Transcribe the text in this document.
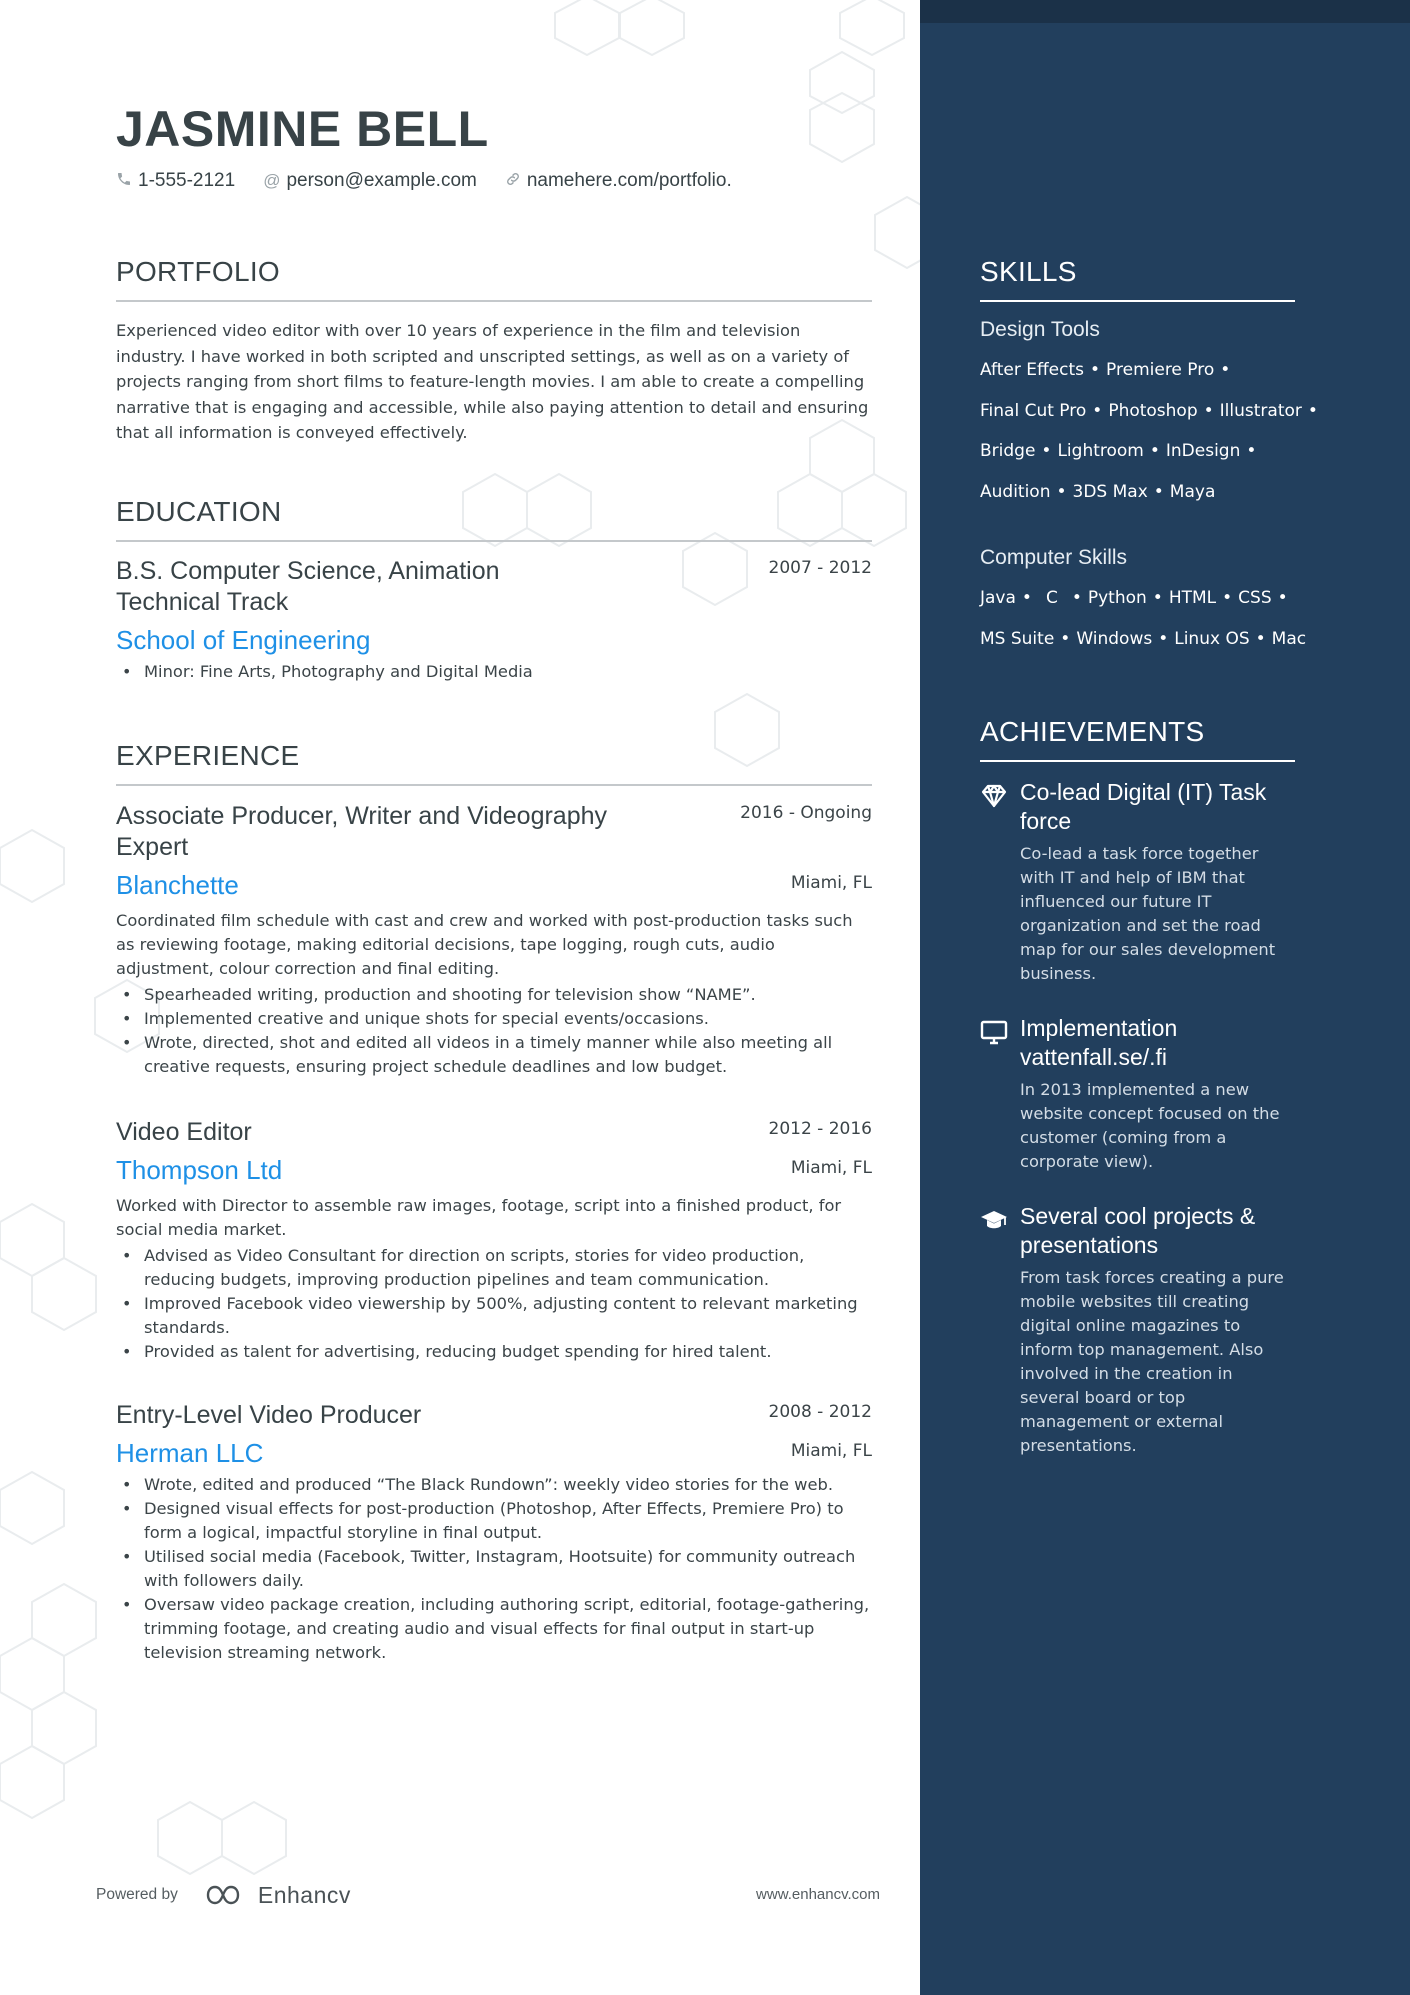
JASMINE BELL
1-555-2121 @ person@example.com	namehere.com/portfolio.
PORTFOLIO
Experienced video editor with over 10 years of experience in the film and television industry. I have worked in both scripted and unscripted settings, as well as on a variety of projects ranging from short films to feature-length movies. I am able to create a compelling narrative that is engaging and accessible, while also paying attention to detail and ensuring that all information is conveyed effectively.
EDUCATION
B.S. Computer Science, Animation Technical Track
2007 - 2012
School of Engineering
• Minor: Fine Arts, Photography and Digital Media
EXPERIENCE
Associate Producer, Writer and Videography Expert
2016 - Ongoing
Blanchette	Miami, FL
Coordinated film schedule with cast and crew and worked with post-production tasks such as reviewing footage, making editorial decisions, tape logging, rough cuts, audio adjustment, colour correction and final editing.
• Spearheaded writing, production and shooting for television show “NAME”.
• Implemented creative and unique shots for special events/occasions.
• Wrote, directed, shot and edited all videos in a timely manner while also meeting all creative requests, ensuring project schedule deadlines and low budget.
Video Editor	2012 - 2016
Thompson Ltd	Miami, FL
Worked with Director to assemble raw images, footage, script into a finished product, for social media market.
• Advised as Video Consultant for direction on scripts, stories for video production, reducing budgets, improving production pipelines and team communication.
• Improved Facebook video viewership by 500%, adjusting content to relevant marketing standards.
• Provided as talent for advertising, reducing budget spending for hired talent.
Entry-Level Video Producer	2008 - 2012
Herman LLC	Miami, FL
• Wrote, edited and produced “The Black Rundown”: weekly video stories for the web.
• Designed visual effects for post-production (Photoshop, After Effects, Premiere Pro) to form a logical, impactful storyline in final output.
• Utilised social media (Facebook, Twitter, Instagram, Hootsuite) for community outreach with followers daily.
• Oversaw video package creation, including authoring script, editorial, footage-gathering, trimming footage, and creating audio and visual effects for final output in start-up television streaming network.
Powered by	Enhancv	www.enhancv.com
SKILLS
Design Tools
After Effects • Premiere Pro •
Final Cut Pro • Photoshop • Illustrator •
Bridge • Lightroom • InDesign •
Audition • 3DS Max • Maya
Computer Skills
Java • C • Python • HTML • CSS •
MS Suite • Windows • Linux OS • Mac
ACHIEVEMENTS
Co-lead Digital (IT) Task force
Co-lead a task force together with IT and help of IBM that influenced our future IT organization and set the road map for our sales development business.
Implementation vattenfall.se/.fi
In 2013 implemented a new website concept focused on the customer (coming from a corporate view).
Several cool projects & presentations
From task forces creating a pure mobile websites till creating digital online magazines to inform top management. Also involved in the creation in several board or top management or external presentations.
